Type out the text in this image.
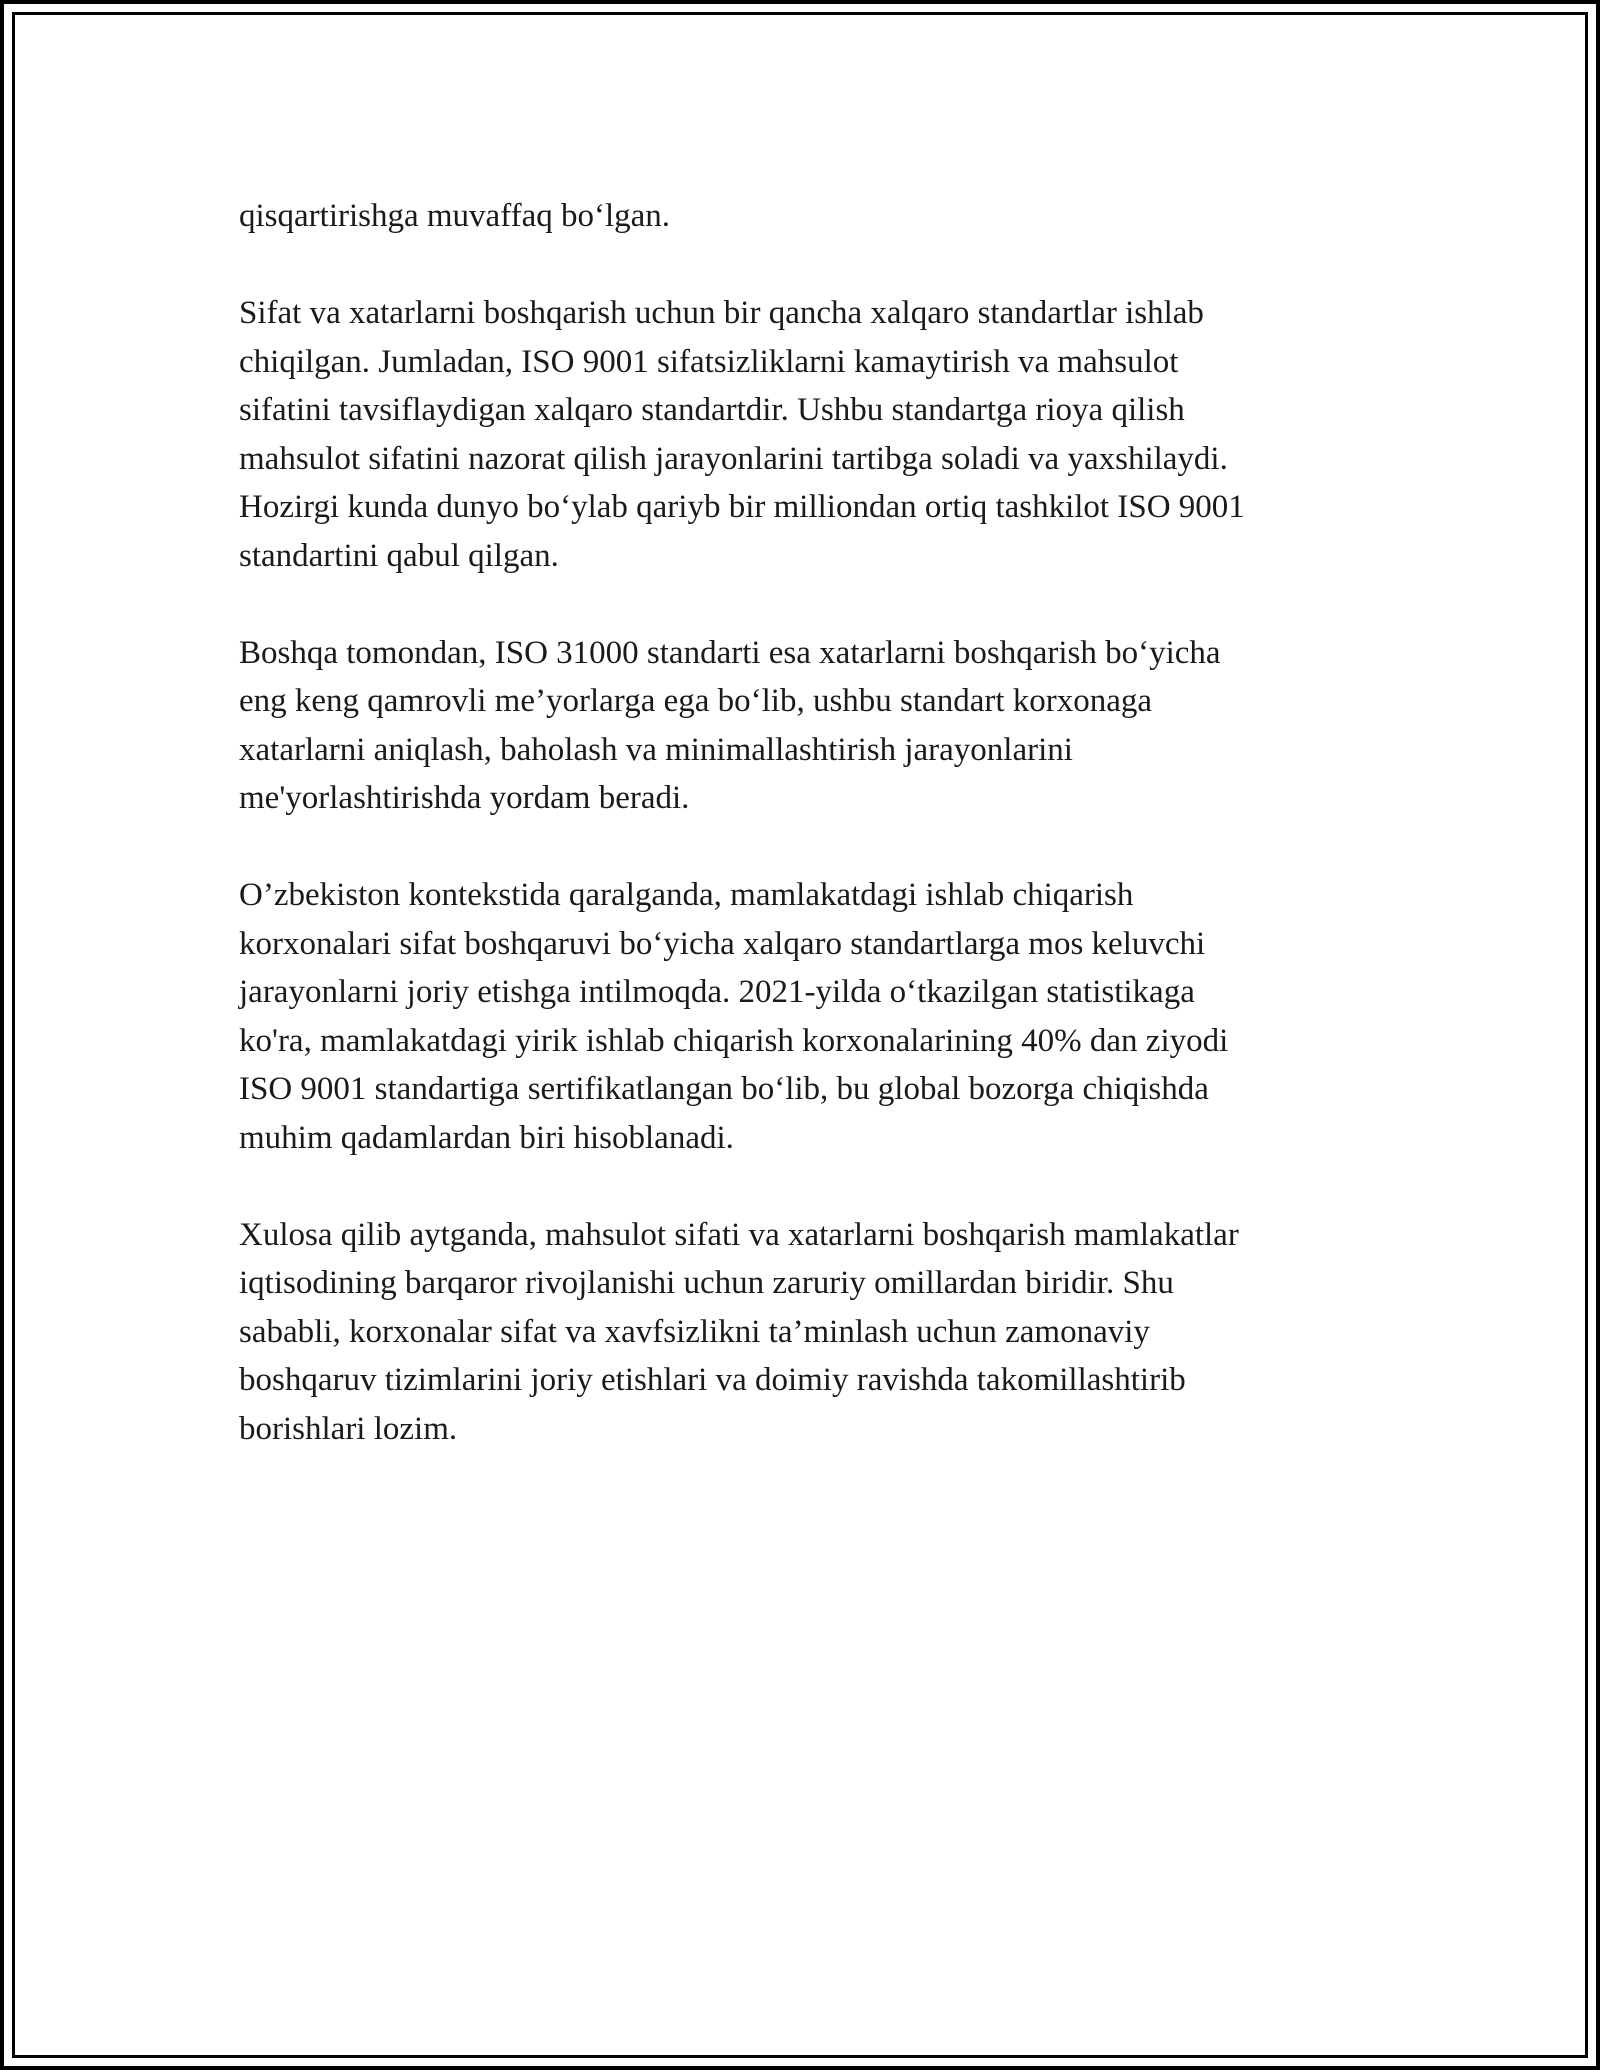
qisqartirishga muvaffaq bo‘lgan.

Sifat va xatarlarni boshqarish uchun bir qancha xalqaro standartlar ishlab
chiqilgan. Jumladan, ISO 9001 sifatsizliklarni kamaytirish va mahsulot
sifatini tavsiflaydigan xalqaro standartdir. Ushbu standartga rioya qilish
mahsulot sifatini nazorat qilish jarayonlarini tartibga soladi va yaxshilaydi.
Hozirgi kunda dunyo bo‘ylab qariyb bir milliondan ortiq tashkilot ISO 9001
standartini qabul qilgan.

Boshqa tomondan, ISO 31000 standarti esa xatarlarni boshqarish bo‘yicha
eng keng qamrovli me’yorlarga ega bo‘lib, ushbu standart korxonaga
xatarlarni aniqlash, baholash va minimallashtirish jarayonlarini
me'yorlashtirishda yordam beradi.

O’zbekiston kontekstida qaralganda, mamlakatdagi ishlab chiqarish
korxonalari sifat boshqaruvi bo‘yicha xalqaro standartlarga mos keluvchi
jarayonlarni joriy etishga intilmoqda. 2021-yilda o‘tkazilgan statistikaga
ko'ra, mamlakatdagi yirik ishlab chiqarish korxonalarining 40% dan ziyodi
ISO 9001 standartiga sertifikatlangan bo‘lib, bu global bozorga chiqishda
muhim qadamlardan biri hisoblanadi.

Xulosa qilib aytganda, mahsulot sifati va xatarlarni boshqarish mamlakatlar
iqtisodining barqaror rivojlanishi uchun zaruriy omillardan biridir. Shu
sababli, korxonalar sifat va xavfsizlikni ta’minlash uchun zamonaviy
boshqaruv tizimlarini joriy etishlari va doimiy ravishda takomillashtirib
borishlari lozim.
